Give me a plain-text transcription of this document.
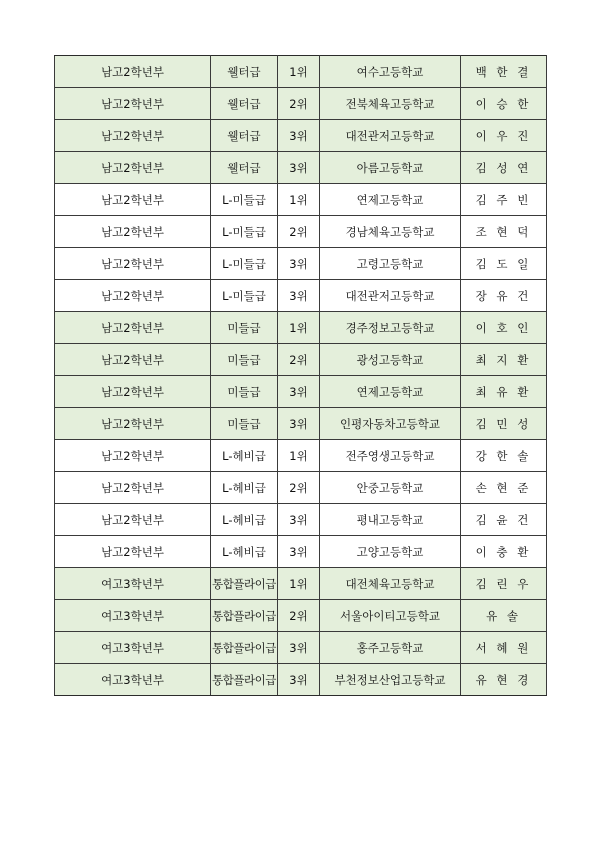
남고2학년부	웰터급	1위	여수고등학교	백 한 결
남고2학년부	웰터급	2위	전북체육고등학교	이 승 한
남고2학년부	웰터급	3위	대전관저고등학교	이 우 진
남고2학년부	웰터급	3위	아름고등학교	김 성 연
남고2학년부	L-미들급	1위	연제고등학교	김 주 빈
남고2학년부	L-미들급	2위	경남체육고등학교	조 현 덕
남고2학년부	L-미들급	3위	고령고등학교	김 도 일
남고2학년부	L-미들급	3위	대전관저고등학교	장 유 건
남고2학년부	미들급	1위	경주정보고등학교	이 호 인
남고2학년부	미들급	2위	광성고등학교	최 지 환
남고2학년부	미들급	3위	연제고등학교	최 유 환
남고2학년부	미들급	3위	인평자동차고등학교	김 민 성
남고2학년부	L-헤비급	1위	전주영생고등학교	강 한 솔
남고2학년부	L-헤비급	2위	안중고등학교	손 현 준
남고2학년부	L-헤비급	3위	평내고등학교	김 윤 건
남고2학년부	L-헤비급	3위	고양고등학교	이 충 환
여고3학년부	통합플라이급	1위	대전체육고등학교	김 린 우
여고3학년부	통합플라이급	2위	서울아이티고등학교	유 솔
여고3학년부	통합플라이급	3위	홍주고등학교	서 혜 원
여고3학년부	통합플라이급	3위	부천정보산업고등학교	유 현 경
